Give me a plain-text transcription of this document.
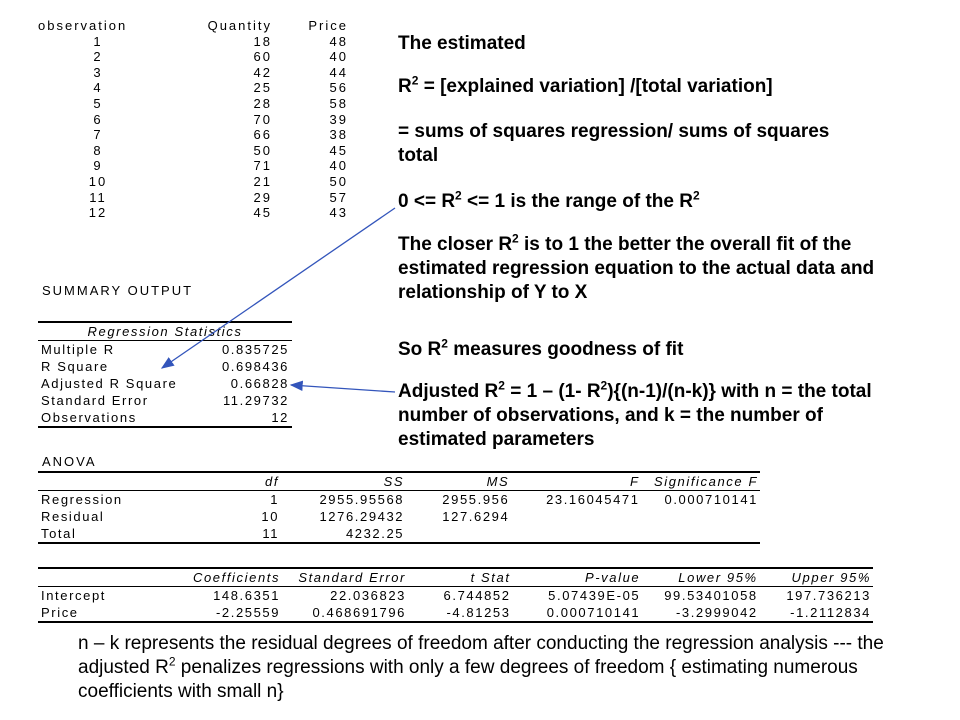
observation	Quantity	Price
1	18	48
2	60	40
3	42	44
4	25	56
5	28	58
6	70	39
7	66	38
8	50	45
9	71	40
10	21	50
11	29	57
12	45	43
The estimated
$R^2$ = [explained variation] /[total variation]
= sums of squares regression/ sums of squares total
$0 <= R^2 <= 1$ is the range of the $R^2$
The closer $R^2$ is to 1 the better the overall fit of the estimated regression equation to the actual data and relationship of Y to X
So $R^2$ measures goodness of fit
Adjusted $R^2 = 1 - (1-$ $R^2)\{(n-1)/(n-k)\}$ with n = the total number of observations, and k = the number of estimated parameters
SUMMARY OUTPUT
Regression Statistics	
Multiple R	0.835725
R Square	0.698436
Adjusted R Square	0.66828
Standard Error	11.29732
Observations	12
ANOVA
	df	SS	MS	F	Significance F
Regression	1	2955.95568	2955.956	23.16045471	0.000710141
Residual	10	1276.29432	127.6294		
Total	11	4232.25			
	Coefficients	Standard Error	t Stat	P-value	Lower 95%	Upper 95%
Intercept	148.6351	22.036823	6.744852	5.07439E-05	99.53401058	197.736213
Price	-2.25559	0.468691796	-4.81253	0.000710141	-3.2999042	-1.2112834
n – k represents the residual degrees of freedom after conducting the regression analysis --- the adjusted $R^2$ penalizes regressions with only a few degrees of freedom { estimating numerous coefficients with small n}
